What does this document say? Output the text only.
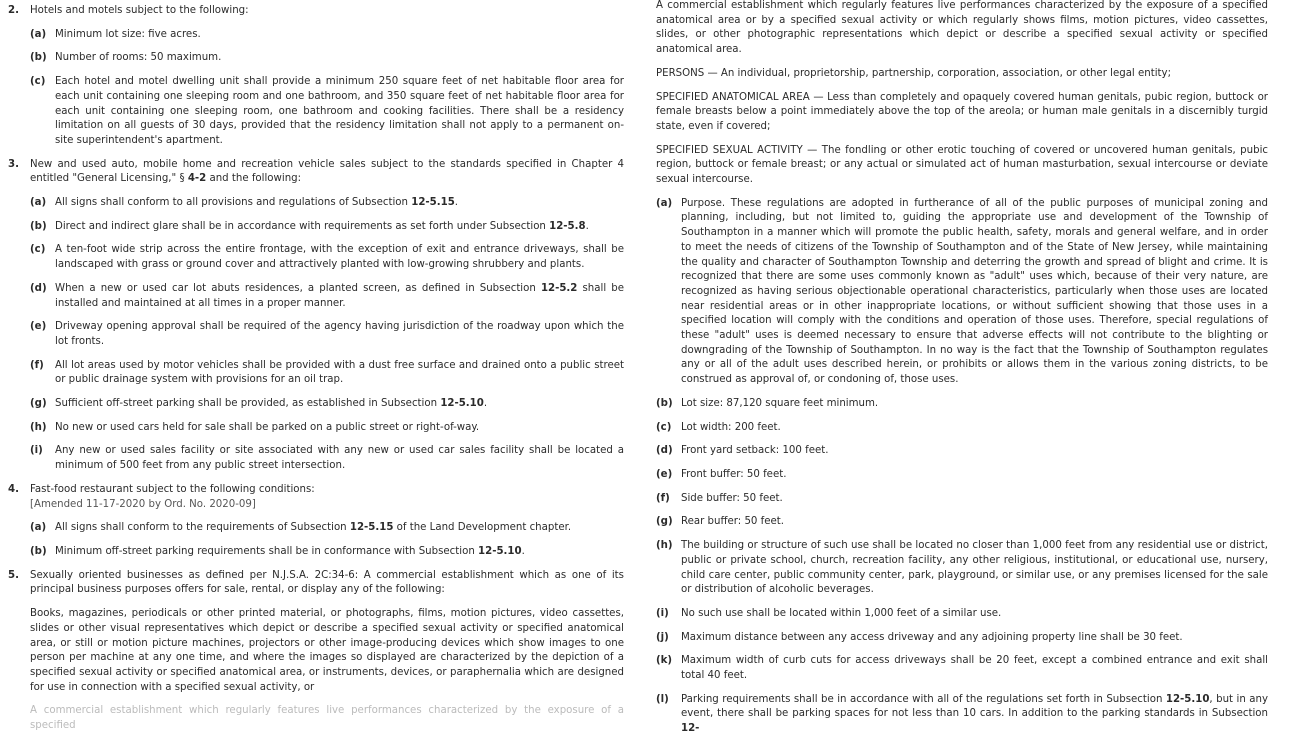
2. Hotels and motels subject to the following:
(a) Minimum lot size: five acres.
(b) Number of rooms: 50 maximum.
(c) Each hotel and motel dwelling unit shall provide a minimum 250 square feet of net habitable floor area for each unit containing one sleeping room and one bathroom, and 350 square feet of net habitable floor area for each unit containing one sleeping room, one bathroom and cooking facilities. There shall be a residency limitation on all guests of 30 days, provided that the residency limitation shall not apply to a permanent on-site superintendent's apartment.
3. New and used auto, mobile home and recreation vehicle sales subject to the standards specified in Chapter 4 entitled "General Licensing," § 4-2 and the following:
(a) All signs shall conform to all provisions and regulations of Subsection 12-5.15.
(b) Direct and indirect glare shall be in accordance with requirements as set forth under Subsection 12-5.8.
(c) A ten-foot wide strip across the entire frontage, with the exception of exit and entrance driveways, shall be landscaped with grass or ground cover and attractively planted with low-growing shrubbery and plants.
(d) When a new or used car lot abuts residences, a planted screen, as defined in Subsection 12-5.2 shall be installed and maintained at all times in a proper manner.
(e) Driveway opening approval shall be required of the agency having jurisdiction of the roadway upon which the lot fronts.
(f) All lot areas used by motor vehicles shall be provided with a dust free surface and drained onto a public street or public drainage system with provisions for an oil trap.
(g) Sufficient off-street parking shall be provided, as established in Subsection 12-5.10.
(h) No new or used cars held for sale shall be parked on a public street or right-of-way.
(i) Any new or used sales facility or site associated with any new or used car sales facility shall be located a minimum of 500 feet from any public street intersection.
4. Fast-food restaurant subject to the following conditions:
[Amended 11-17-2020 by Ord. No. 2020-09]
(a) All signs shall conform to the requirements of Subsection 12-5.15 of the Land Development chapter.
(b) Minimum off-street parking requirements shall be in conformance with Subsection 12-5.10.
5. Sexually oriented businesses as defined per N.J.S.A. 2C:34-6: A commercial establishment which as one of its principal business purposes offers for sale, rental, or display any of the following:
Books, magazines, periodicals or other printed material, or photographs, films, motion pictures, video cassettes, slides or other visual representatives which depict or describe a specified sexual activity or specified anatomical area, or still or motion picture machines, projectors or other image-producing devices which show images to one person per machine at any one time, and where the images so displayed are characterized by the depiction of a specified sexual activity or specified anatomical area, or instruments, devices, or paraphernalia which are designed for use in connection with a specified sexual activity, or
A commercial establishment which regularly features live performances characterized by the exposure of a specified
A commercial establishment which regularly features live performances characterized by the exposure of a specified anatomical area or by a specified sexual activity or which regularly shows films, motion pictures, video cassettes, slides, or other photographic representations which depict or describe a specified sexual activity or specified anatomical area.
PERSONS — An individual, proprietorship, partnership, corporation, association, or other legal entity;
SPECIFIED ANATOMICAL AREA — Less than completely and opaquely covered human genitals, pubic region, buttock or female breasts below a point immediately above the top of the areola; or human male genitals in a discernibly turgid state, even if covered;
SPECIFIED SEXUAL ACTIVITY — The fondling or other erotic touching of covered or uncovered human genitals, pubic region, buttock or female breast; or any actual or simulated act of human masturbation, sexual intercourse or deviate sexual intercourse.
(a) Purpose. These regulations are adopted in furtherance of all of the public purposes of municipal zoning and planning, including, but not limited to, guiding the appropriate use and development of the Township of Southampton in a manner which will promote the public health, safety, morals and general welfare, and in order to meet the needs of citizens of the Township of Southampton and of the State of New Jersey, while maintaining the quality and character of Southampton Township and deterring the growth and spread of blight and crime. It is recognized that there are some uses commonly known as "adult" uses which, because of their very nature, are recognized as having serious objectionable operational characteristics, particularly when those uses are located near residential areas or in other inappropriate locations, or without sufficient showing that those uses in a specified location will comply with the conditions and operation of those uses. Therefore, special regulations of these "adult" uses is deemed necessary to ensure that adverse effects will not contribute to the blighting or downgrading of the Township of Southampton. In no way is the fact that the Township of Southampton regulates any or all of the adult uses described herein, or prohibits or allows them in the various zoning districts, to be construed as approval of, or condoning of, those uses.
(b) Lot size: 87,120 square feet minimum.
(c) Lot width: 200 feet.
(d) Front yard setback: 100 feet.
(e) Front buffer: 50 feet.
(f) Side buffer: 50 feet.
(g) Rear buffer: 50 feet.
(h) The building or structure of such use shall be located no closer than 1,000 feet from any residential use or district, public or private school, church, recreation facility, any other religious, institutional, or educational use, nursery, child care center, public community center, park, playground, or similar use, or any premises licensed for the sale or distribution of alcoholic beverages.
(i) No such use shall be located within 1,000 feet of a similar use.
(j) Maximum distance between any access driveway and any adjoining property line shall be 30 feet.
(k) Maximum width of curb cuts for access driveways shall be 20 feet, except a combined entrance and exit shall total 40 feet.
(l) Parking requirements shall be in accordance with all of the regulations set forth in Subsection 12-5.10, but in any event, there shall be parking spaces for not less than 10 cars. In addition to the parking standards in Subsection 12-
